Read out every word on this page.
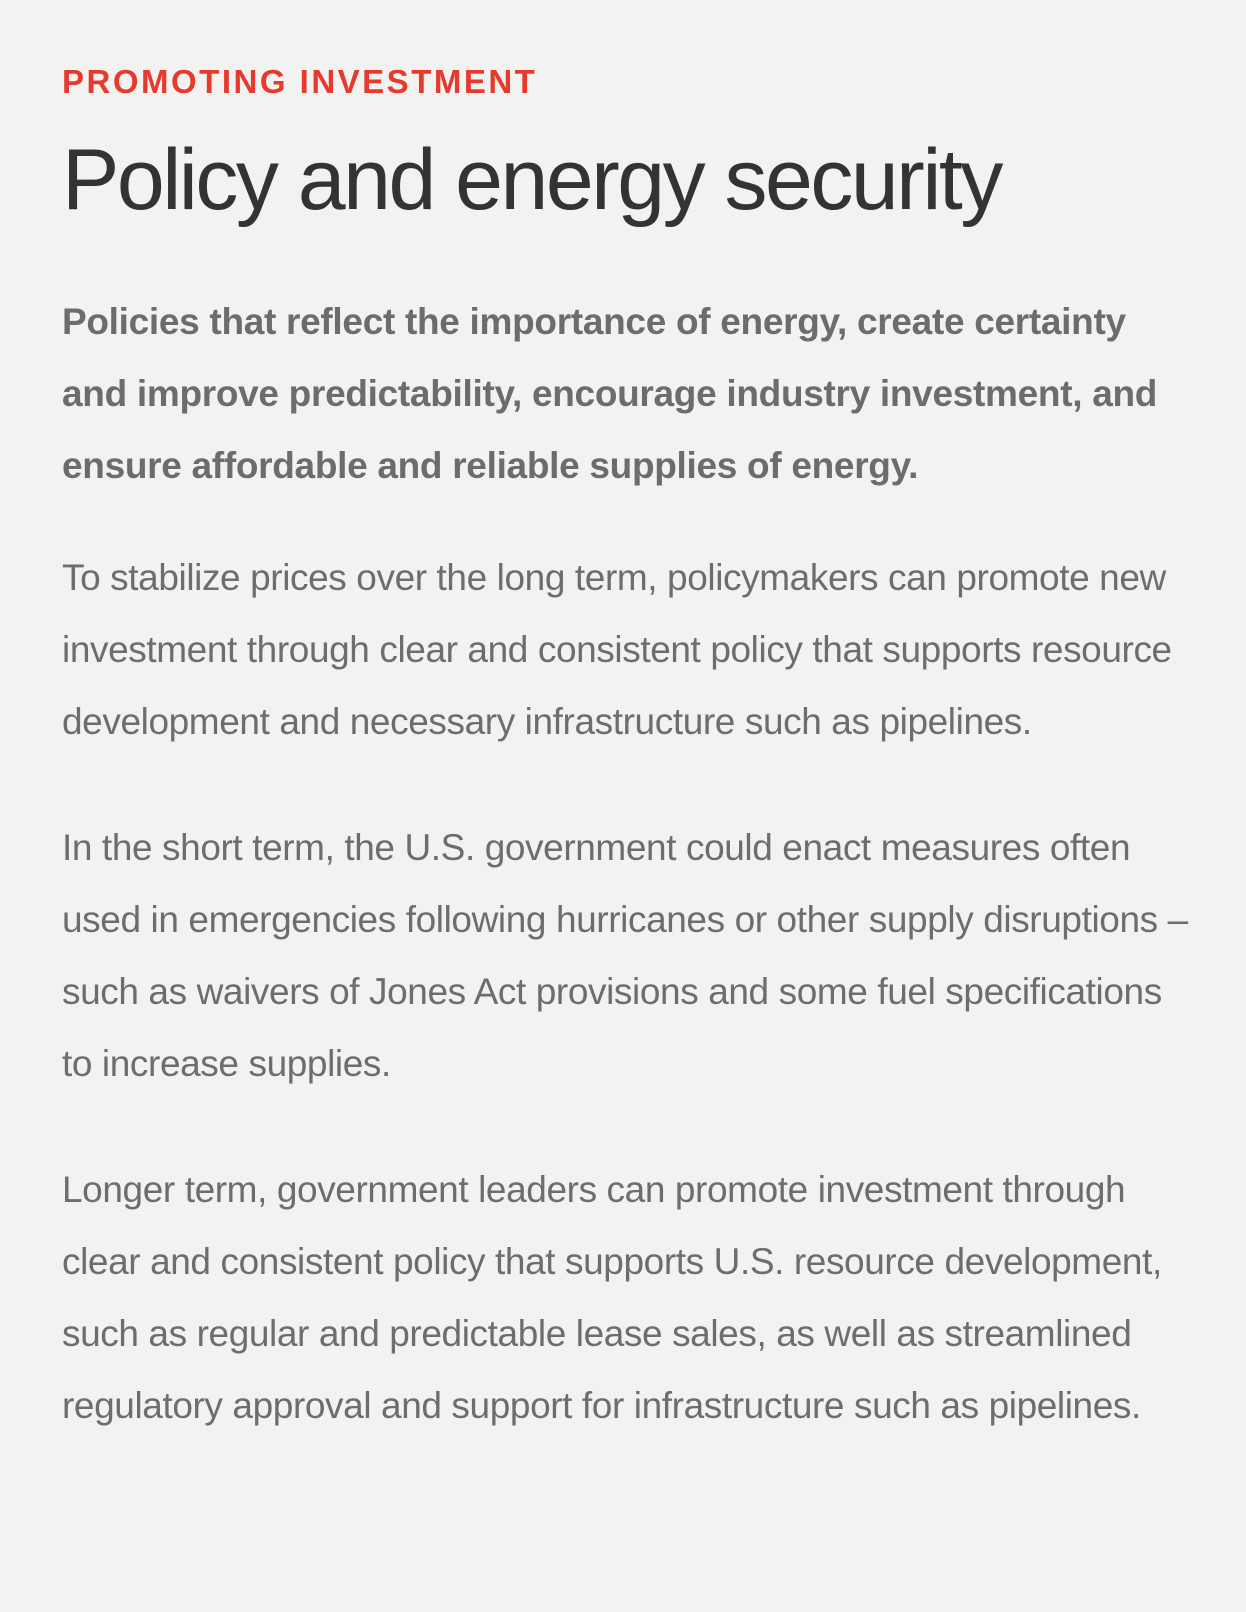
PROMOTING INVESTMENT

Policy and energy security

Policies that reflect the importance of energy, create certainty and improve predictability, encourage industry investment, and ensure affordable and reliable supplies of energy.

To stabilize prices over the long term, policymakers can promote new investment through clear and consistent policy that supports resource development and necessary infrastructure such as pipelines.

In the short term, the U.S. government could enact measures often used in emergencies following hurricanes or other supply disruptions – such as waivers of Jones Act provisions and some fuel specifications to increase supplies.

Longer term, government leaders can promote investment through clear and consistent policy that supports U.S. resource development, such as regular and predictable lease sales, as well as streamlined regulatory approval and support for infrastructure such as pipelines.
